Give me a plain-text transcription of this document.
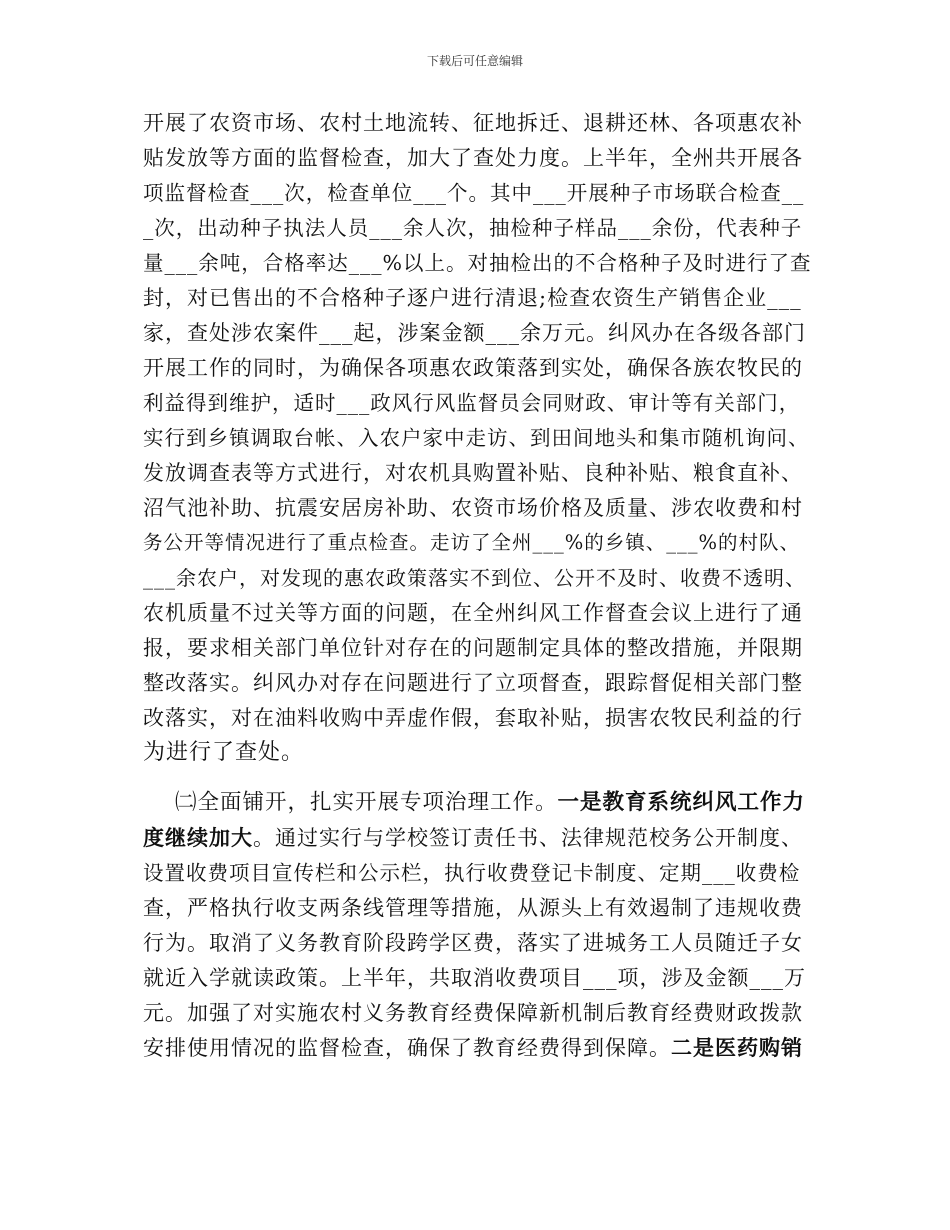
下载后可任意编辑
开展了农资市场、农村土地流转、征地拆迁、退耕还林、各项惠农补
贴发放等方面的监督检查，加大了查处力度。上半年，全州共开展各
项监督检查___次，检查单位___个。其中___开展种子市场联合检查__
_次，出动种子执法人员___余人次，抽检种子样品___余份，代表种子
量___余吨，合格率达___%以上。对抽检出的不合格种子及时进行了查
封，对已售出的不合格种子逐户进行清退;检查农资生产销售企业___
家，查处涉农案件___起，涉案金额___余万元。纠风办在各级各部门
开展工作的同时，为确保各项惠农政策落到实处，确保各族农牧民的
利益得到维护，适时___政风行风监督员会同财政、审计等有关部门，
实行到乡镇调取台帐、入农户家中走访、到田间地头和集市随机询问、
发放调查表等方式进行，对农机具购置补贴、良种补贴、粮食直补、
沼气池补助、抗震安居房补助、农资市场价格及质量、涉农收费和村
务公开等情况进行了重点检查。走访了全州___%的乡镇、___%的村队、
___余农户，对发现的惠农政策落实不到位、公开不及时、收费不透明、
农机质量不过关等方面的问题，在全州纠风工作督查会议上进行了通
报，要求相关部门单位针对存在的问题制定具体的整改措施，并限期
整改落实。纠风办对存在问题进行了立项督查，跟踪督促相关部门整
改落实，对在油料收购中弄虚作假，套取补贴，损害农牧民利益的行
为进行了查处。
㈡全面铺开，扎实开展专项治理工作。一是教育系统纠风工作力
度继续加大。通过实行与学校签订责任书、法律规范校务公开制度、
设置收费项目宣传栏和公示栏，执行收费登记卡制度、定期___收费检
查，严格执行收支两条线管理等措施，从源头上有效遏制了违规收费
行为。取消了义务教育阶段跨学区费，落实了进城务工人员随迁子女
就近入学就读政策。上半年，共取消收费项目___项，涉及金额___万
元。加强了对实施农村义务教育经费保障新机制后教育经费财政拨款
安排使用情况的监督检查，确保了教育经费得到保障。二是医药购销
